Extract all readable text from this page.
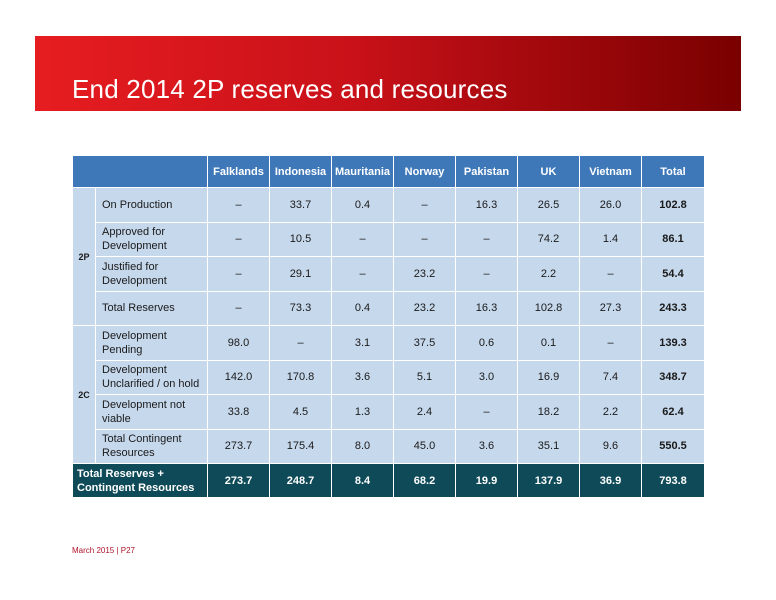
End 2014 2P reserves and resources
		Falklands	Indonesia	Mauritania	Norway	Pakistan	UK	Vietnam	Total
2P	On Production	–	33.7	0.4	–	16.3	26.5	26.0	102.8
	Approved for Development	–	10.5	–	–	–	74.2	1.4	86.1
	Justified for Development	–	29.1	–	23.2	–	2.2	–	54.4
	Total Reserves	–	73.3	0.4	23.2	16.3	102.8	27.3	243.3
2C	Development Pending	98.0	–	3.1	37.5	0.6	0.1	–	139.3
	Development Unclarified / on hold	142.0	170.8	3.6	5.1	3.0	16.9	7.4	348.7
	Development not viable	33.8	4.5	1.3	2.4	–	18.2	2.2	62.4
	Total Contingent Resources	273.7	175.4	8.0	45.0	3.6	35.1	9.6	550.5
Total Reserves + Contingent Resources		273.7	248.7	8.4	68.2	19.9	137.9	36.9	793.8
March 2015 | P27
